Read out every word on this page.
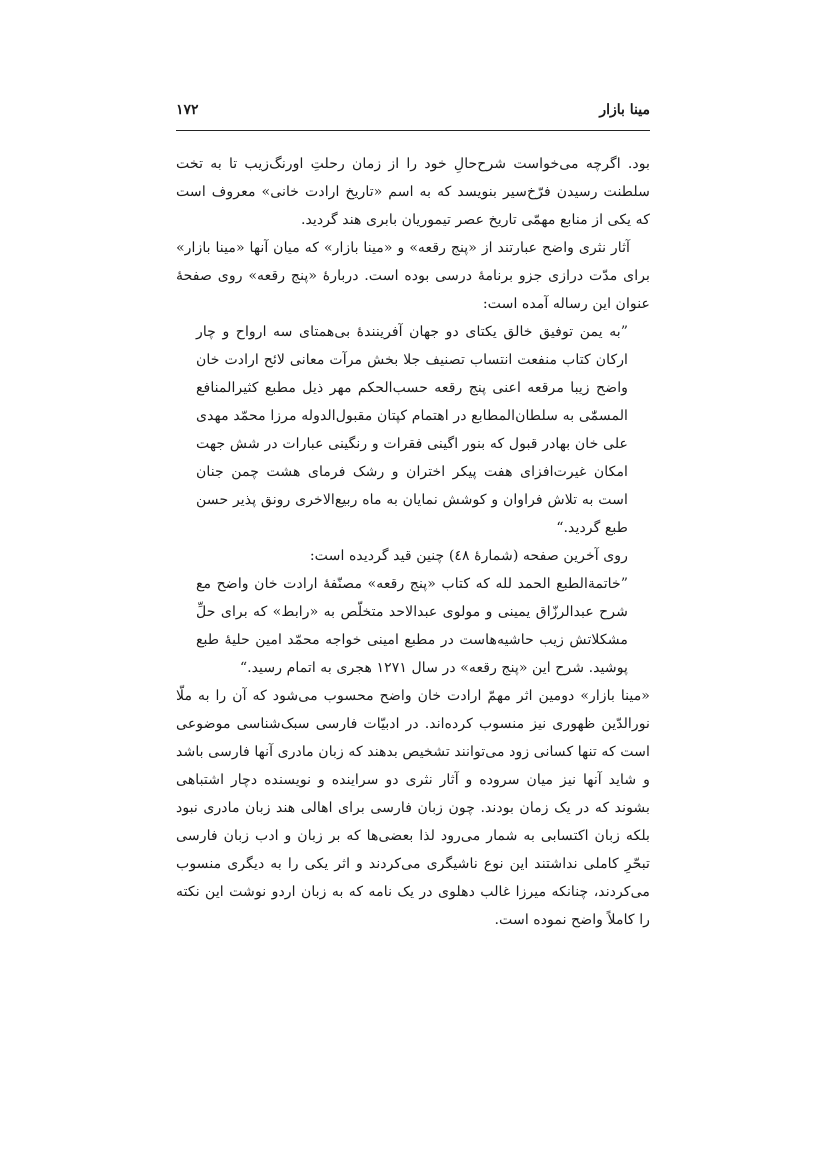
مینا بازار
۱۷۲

بود. اگرچه می‌خواست شرح‌حالِ خود را از زمان رحلتِ اورنگ‌زیب تا به تخت سلطنت رسیدن فرّخ‌سیر بنویسد که به اسم «تاریخ ارادت خانی» معروف است که یکی از منابع مهمّی تاریخ عصر تیموریان بابری هند گردید.

آثار نثری واضح عبارتند از «پنج رقعه» و «مینا بازار» که میان آنها «مینا بازار» برای مدّت درازی جزو برنامهٔ درسی بوده است. دربارهٔ «پنج رقعه» روی صفحهٔ عنوان این رساله آمده است:

”به یمن توفیق خالق یکتای دو جهان آفرینندهٔ بی‌همتای سه ارواح و چار ارکان کتاب منفعت انتساب تصنیف جلا بخش مرآت معانی لائح ارادت خان واضح زیبا مرقعه اعنی پنج رقعه حسب‌الحکم مهر ذیل مطبع کثیرالمنافع المسمّٰی به سلطان‌المطابع در اهتمام کپتان مقبول‌الدوله مرزا محمّد مهدی علی خان بهادر قبول که بنور اگینی فقرات و رنگینی عبارات در شش جهت امکان غیرت‌افزای هفت پیکر اختران و رشک فرمای هشت چمن جنان است به تلاش فراوان و کوشش نمایان به ماه ربیع‌الاخری رونق پذیر حسن طبع گردید.“

روی آخرین صفحه (شمارهٔ ٤٨) چنین قید گردیده است:

”خاتمةالطبع الحمد لله که کتاب «پنج رقعه» مصنّفهٔ ارادت خان واضح مع شرح عبدالرزّاق یمینی و مولوی عبدالاحد متخلّص به «رابط» که برای حلِّ مشکلاتش زیب حاشیه‌هاست در مطبع امینی خواجه محمّد امین حلیهٔ طبع پوشید. شرح این «پنج رقعه» در سال ۱۲۷۱ هجری به اتمام رسید.“

«مینا بازار» دومین اثر مهمّ ارادت خان واضح محسوب می‌شود که آن را به ملّا نورالدّین ظهوری نیز منسوب کرده‌اند. در ادبیّات فارسی سبک‌شناسی موضوعی است که تنها کسانی زود می‌توانند تشخیص بدهند که زبان مادری آنها فارسی باشد و شاید آنها نیز میان سروده و آثار نثری دو سراینده و نویسنده دچار اشتباهی بشوند که در یک زمان بودند. چون زبان فارسی برای اهالی هند زبان مادری نبود بلکه زبان اکتسابی به شمار می‌رود لذا بعضی‌ها که بر زبان و ادب زبان فارسی تبحّرِ کاملی نداشتند این نوع ناشیگری می‌کردند و اثر یکی را به دیگری منسوب می‌کردند، چنانکه میرزا غالب دهلوی در یک نامه که به زبان اردو نوشت این نکته را کاملاً واضح نموده است.
